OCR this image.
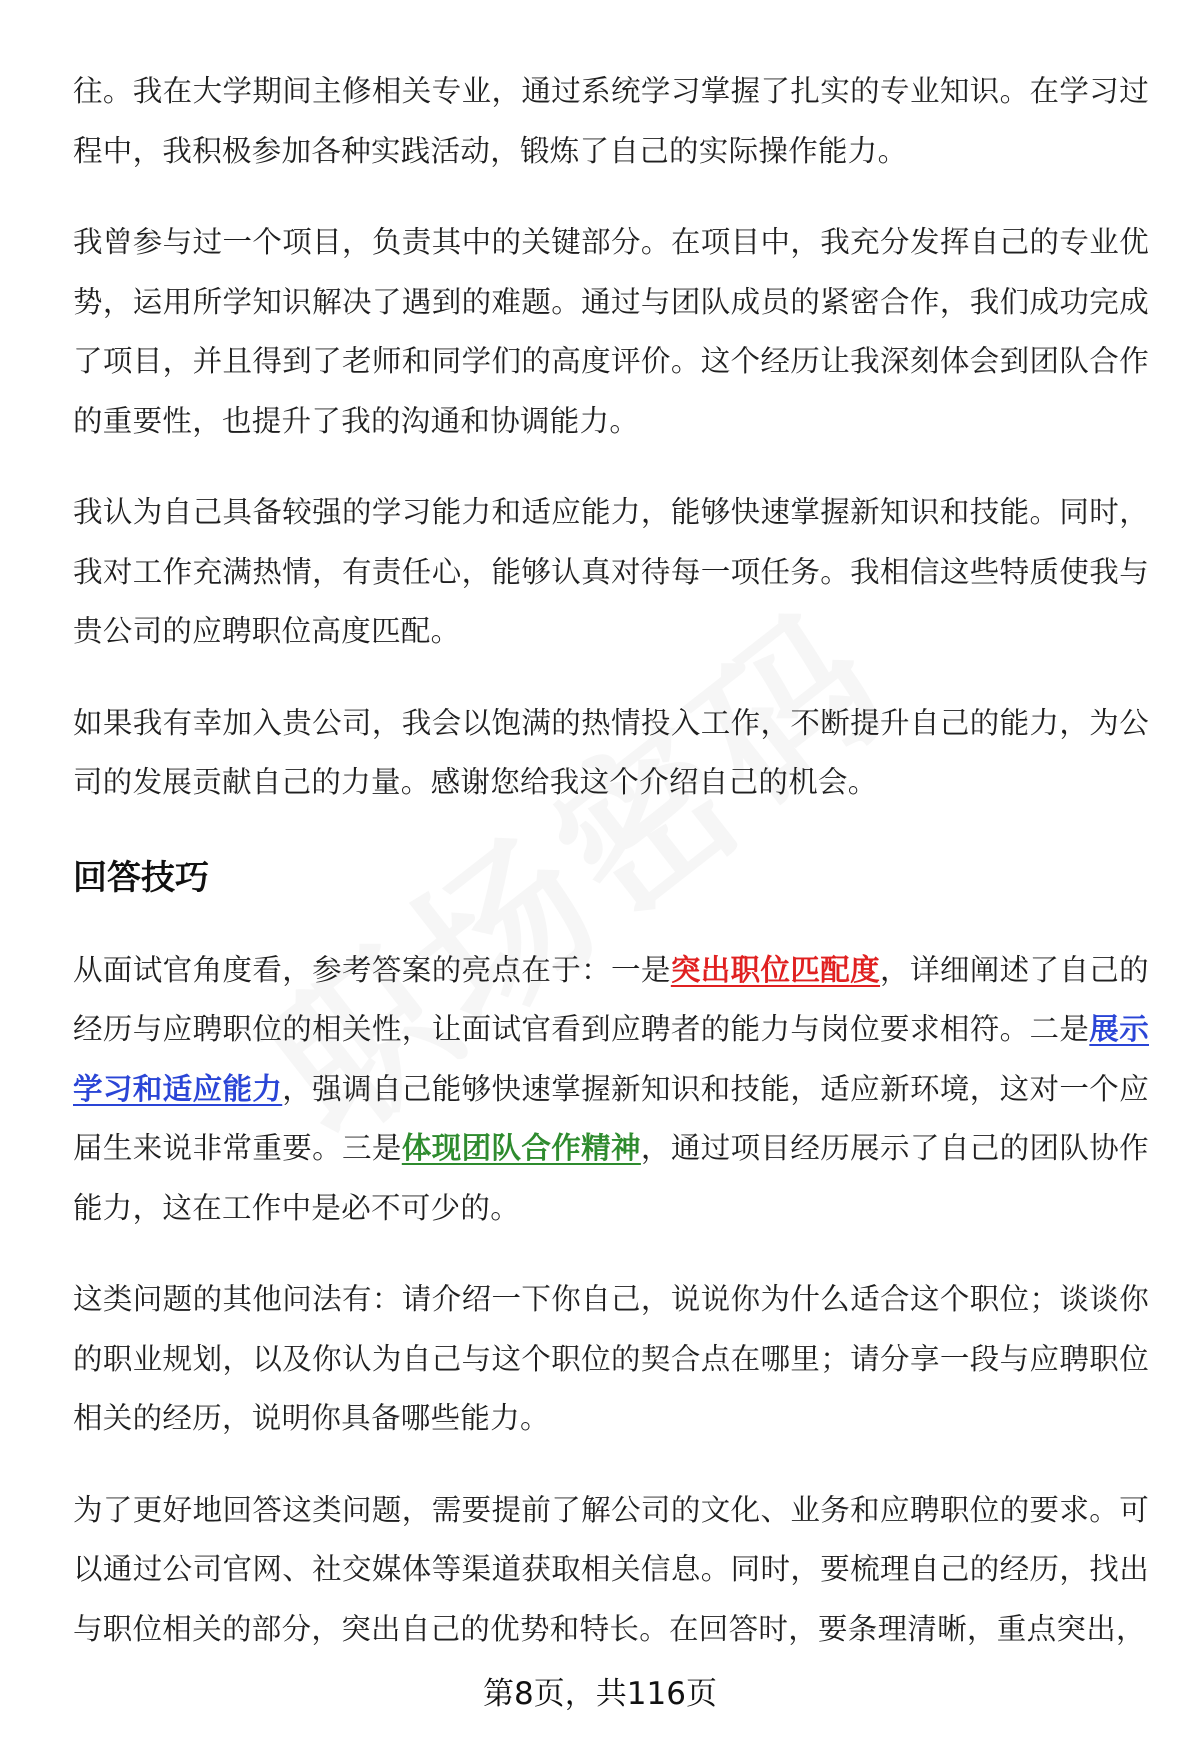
往。我在大学期间主修相关专业，通过系统学习掌握了扎实的专业知识。在学习过程中，我积极参加各种实践活动，锻炼了自己的实际操作能力。

我曾参与过一个项目，负责其中的关键部分。在项目中，我充分发挥自己的专业优势，运用所学知识解决了遇到的难题。通过与团队成员的紧密合作，我们成功完成了项目，并且得到了老师和同学们的高度评价。这个经历让我深刻体会到团队合作的重要性，也提升了我的沟通和协调能力。

我认为自己具备较强的学习能力和适应能力，能够快速掌握新知识和技能。同时，我对工作充满热情，有责任心，能够认真对待每一项任务。我相信这些特质使我与贵公司的应聘职位高度匹配。

如果我有幸加入贵公司，我会以饱满的热情投入工作，不断提升自己的能力，为公司的发展贡献自己的力量。感谢您给我这个介绍自己的机会。

回答技巧

从面试官角度看，参考答案的亮点在于：一是突出职位匹配度，详细阐述了自己的经历与应聘职位的相关性，让面试官看到应聘者的能力与岗位要求相符。二是展示学习和适应能力，强调自己能够快速掌握新知识和技能，适应新环境，这对一个应届生来说非常重要。三是体现团队合作精神，通过项目经历展示了自己的团队协作能力，这在工作中是必不可少的。

这类问题的其他问法有：请介绍一下你自己，说说你为什么适合这个职位；谈谈你的职业规划，以及你认为自己与这个职位的契合点在哪里；请分享一段与应聘职位相关的经历，说明你具备哪些能力。

为了更好地回答这类问题，需要提前了解公司的文化、业务和应聘职位的要求。可以通过公司官网、社交媒体等渠道获取相关信息。同时，要梳理自己的经历，找出与职位相关的部分，突出自己的优势和特长。在回答时，要条理清晰，重点突出，

第8页，共116页
